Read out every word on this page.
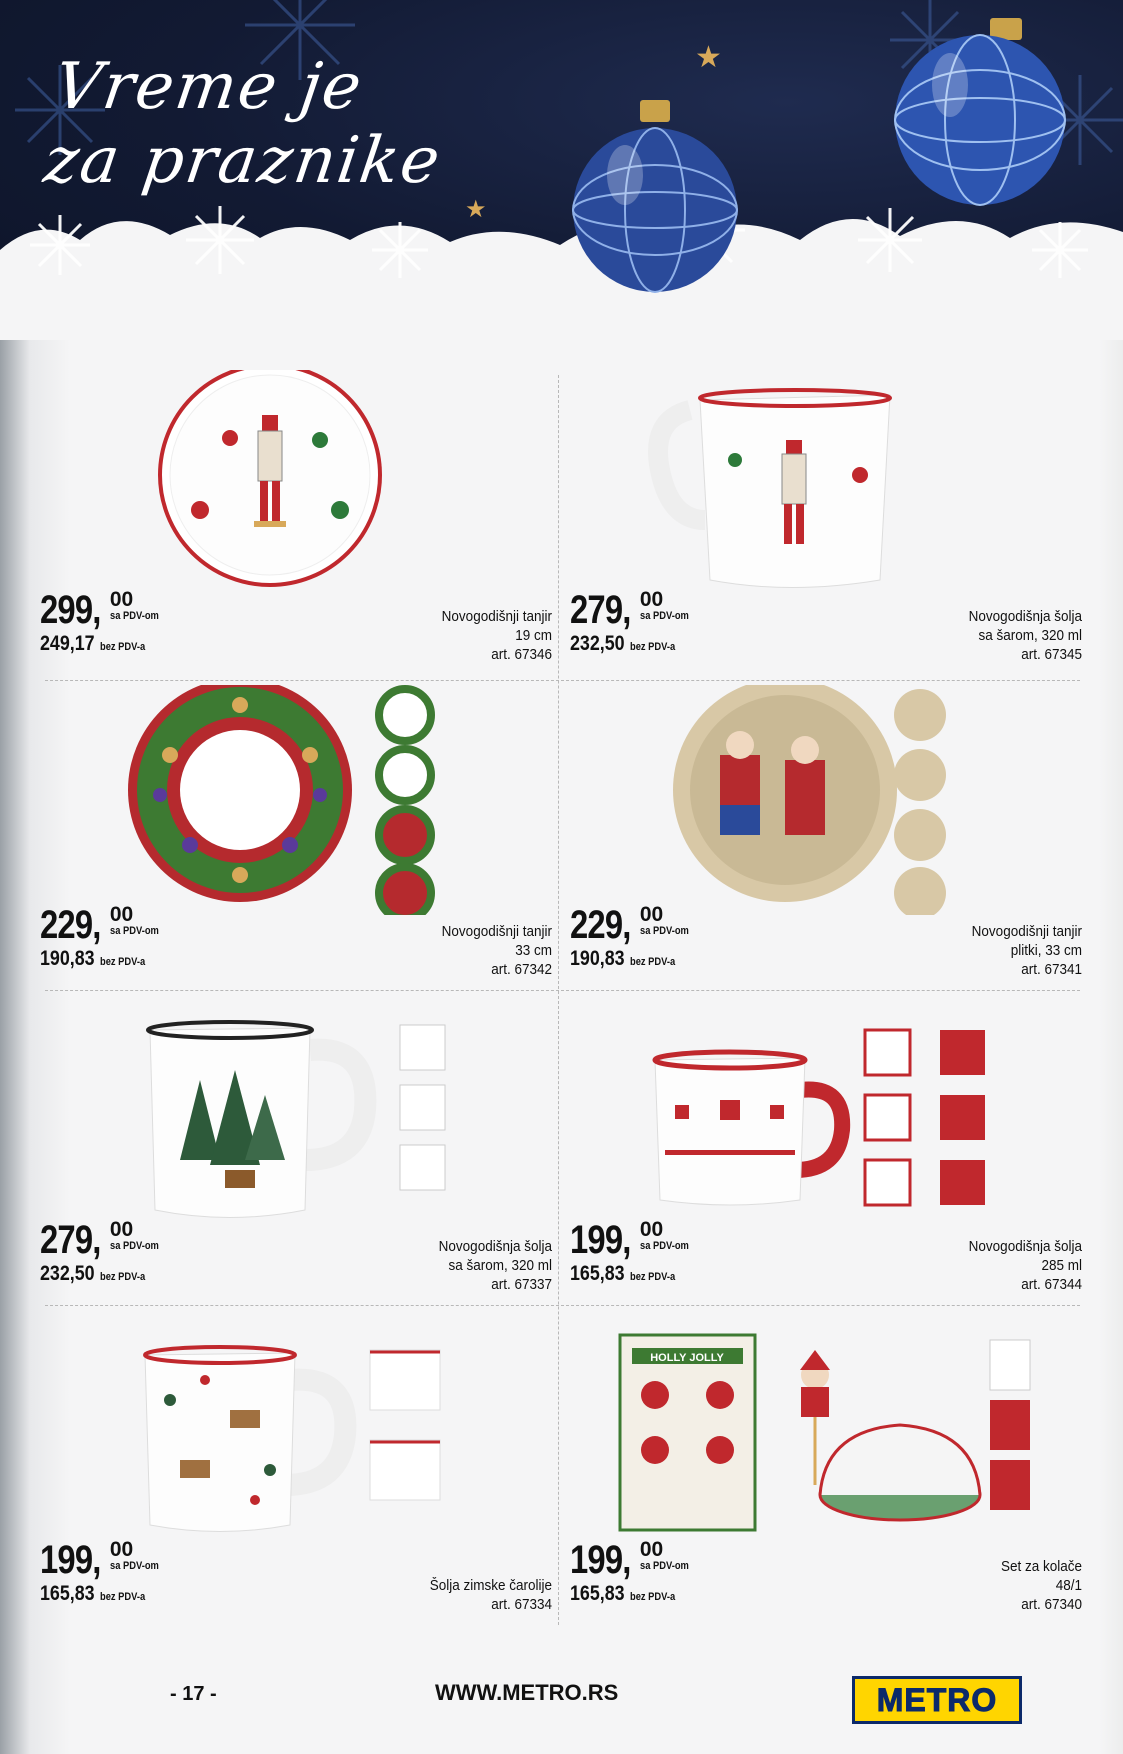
Vreme je
za praznike
★
★
299, 00
sa PDV-om
249,17 bez PDV-a
Novogodišnji tanjir
19 cm
art. 67346
279, 00
sa PDV-om
232,50 bez PDV-a
Novogodišnja šolja
sa šarom, 320 ml
art. 67345
229, 00
sa PDV-om
190,83 bez PDV-a
Novogodišnji tanjir
33 cm
art. 67342
229, 00
sa PDV-om
190,83 bez PDV-a
Novogodišnji tanjir
plitki, 33 cm
art. 67341
279, 00
sa PDV-om
232,50 bez PDV-a
Novogodišnja šolja
sa šarom, 320 ml
art. 67337
199, 00
sa PDV-om
165,83 bez PDV-a
Novogodišnja šolja
285 ml
art. 67344
199, 00
sa PDV-om
165,83 bez PDV-a
Šolja zimske čarolije
art. 67334
HOLLY JOLLY
199, 00
sa PDV-om
165,83 bez PDV-a
Set za kolače
48/1
art. 67340
- 17 -	WWW.METRO.RS	METRO
